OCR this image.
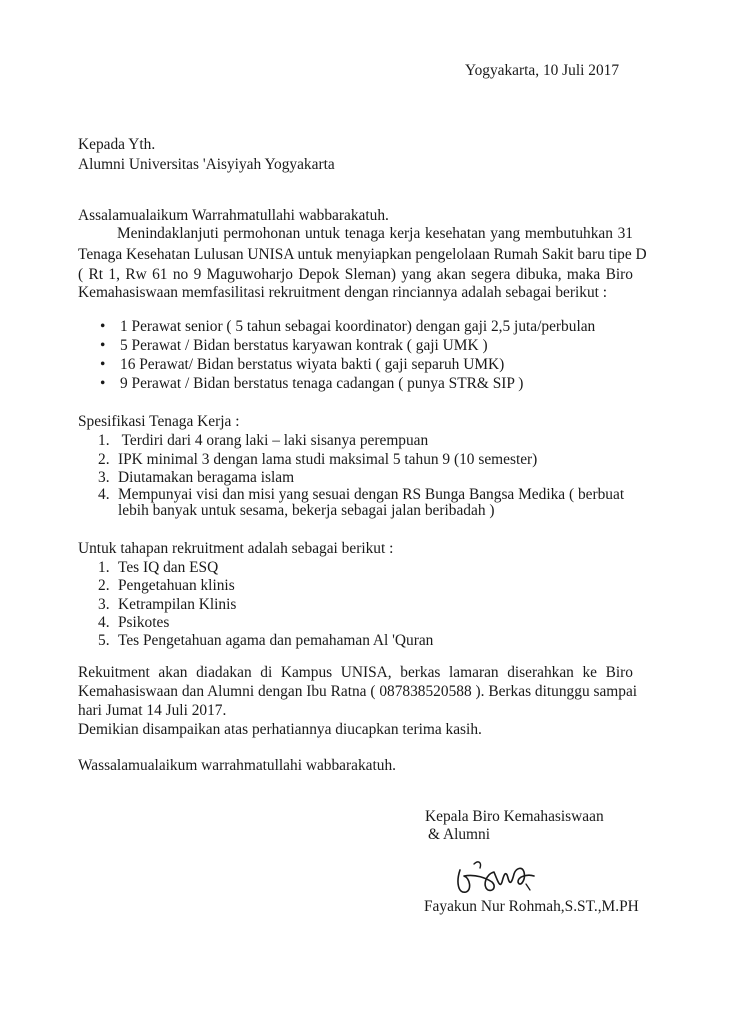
Yogyakarta, 10 Juli 2017
Kepada Yth.
Alumni Universitas 'Aisyiyah Yogyakarta
Assalamualaikum Warrahmatullahi wabbarakatuh.
Menindaklanjuti permohonan untuk tenaga kerja kesehatan yang membutuhkan 31
Tenaga Kesehatan Lulusan UNISA untuk menyiapkan pengelolaan Rumah Sakit baru tipe D
( Rt 1, Rw 61 no 9 Maguwoharjo Depok Sleman) yang akan segera dibuka, maka Biro
Kemahasiswaan memfasilitasi rekruitment dengan rinciannya adalah sebagai berikut :
• 1 Perawat senior ( 5 tahun sebagai koordinator) dengan gaji 2,5 juta/perbulan
• 5 Perawat / Bidan berstatus karyawan kontrak ( gaji UMK )
• 16 Perawat/ Bidan berstatus wiyata bakti ( gaji separuh UMK)
• 9 Perawat / Bidan berstatus tenaga cadangan ( punya STR& SIP )
Spesifikasi Tenaga Kerja :
1. Terdiri dari 4 orang laki – laki sisanya perempuan
2. IPK minimal 3 dengan lama studi maksimal 5 tahun 9 (10 semester)
3. Diutamakan beragama islam
4. Mempunyai visi dan misi yang sesuai dengan RS Bunga Bangsa Medika ( berbuat
lebih banyak untuk sesama, bekerja sebagai jalan beribadah )
Untuk tahapan rekruitment adalah sebagai berikut :
1. Tes IQ dan ESQ
2. Pengetahuan klinis
3. Ketrampilan Klinis
4. Psikotes
5. Tes Pengetahuan agama dan pemahaman Al 'Quran
Rekuitment akan diadakan di Kampus UNISA, berkas lamaran diserahkan ke Biro
Kemahasiswaan dan Alumni dengan Ibu Ratna ( 087838520588 ). Berkas ditunggu sampai
hari Jumat 14 Juli 2017.
Demikian disampaikan atas perhatiannya diucapkan terima kasih.
Wassalamualaikum warrahmatullahi wabbarakatuh.
Kepala Biro Kemahasiswaan
& Alumni
Fayakun Nur Rohmah,S.ST.,M.PH
